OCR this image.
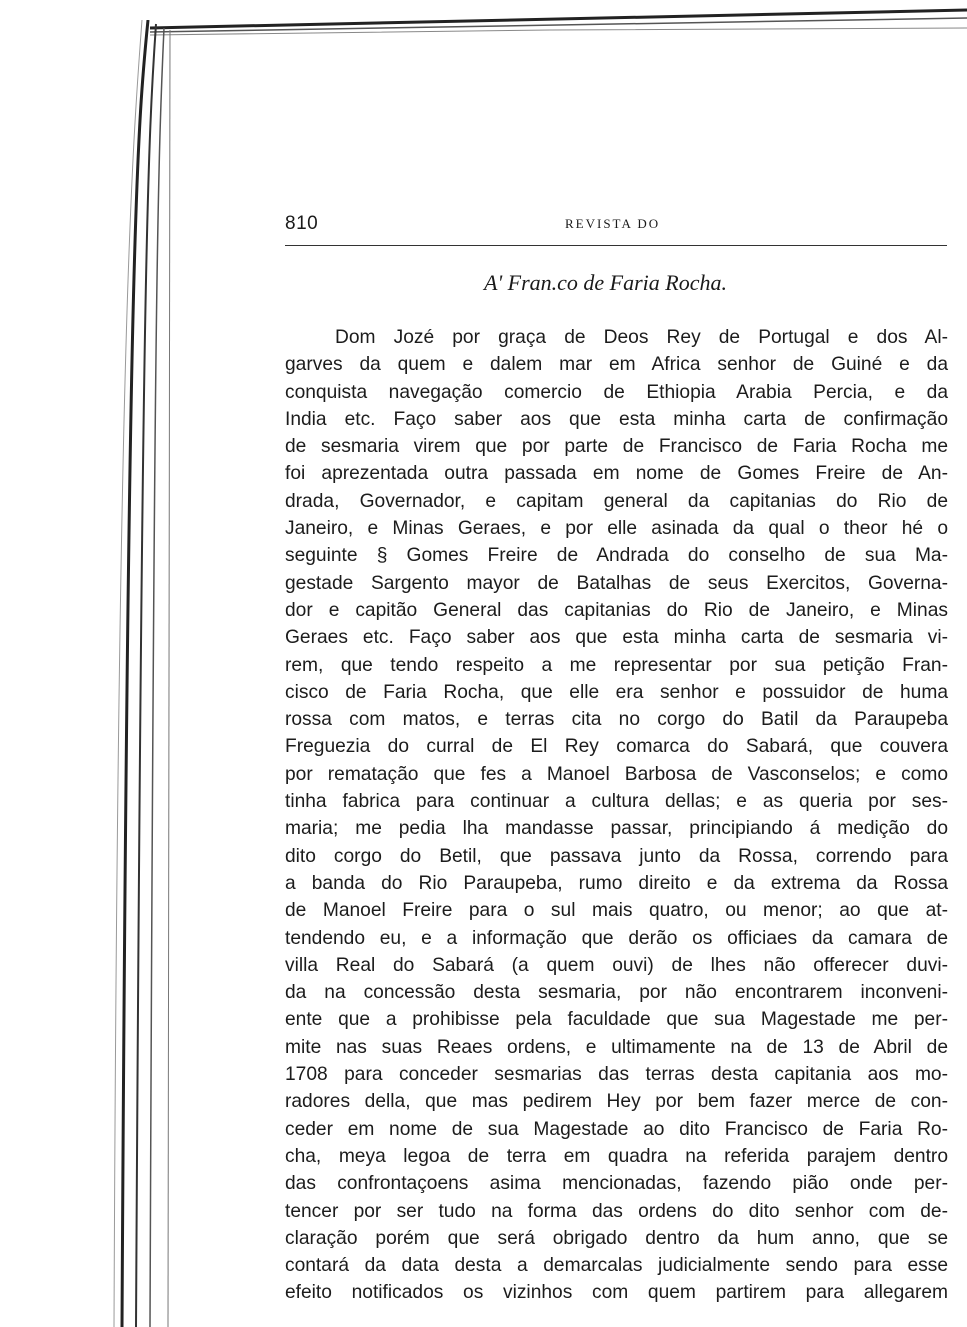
810	REVISTA DO
A' Fran.co de Faria Rocha.
Dom Jozé por graça de Deos Rey de Portugal e dos Al-
garves da quem e dalem mar em Africa senhor de Guiné e da
conquista navegação comercio de Ethiopia Arabia Percia, e da
India etc. Faço saber aos que esta minha carta de confirmação
de sesmaria virem que por parte de Francisco de Faria Rocha me
foi aprezentada outra passada em nome de Gomes Freire de An-
drada, Governador, e capitam general da capitanias do Rio de
Janeiro, e Minas Geraes, e por elle asinada da qual o theor hé o
seguinte § Gomes Freire de Andrada do conselho de sua Ma-
gestade Sargento mayor de Batalhas de seus Exercitos, Governa-
dor e capitão General das capitanias do Rio de Janeiro, e Minas
Geraes etc. Faço saber aos que esta minha carta de sesmaria vi-
rem, que tendo respeito a me representar por sua petição Fran-
cisco de Faria Rocha, que elle era senhor e possuidor de huma
rossa com matos, e terras cita no corgo do Batil da Paraupeba
Freguezia do curral de El Rey comarca do Sabará, que couvera
por rematação que fes a Manoel Barbosa de Vasconselos; e como
tinha fabrica para continuar a cultura dellas; e as queria por ses-
maria; me pedia lha mandasse passar, principiando á medição do
dito corgo do Betil, que passava junto da Rossa, correndo para
a banda do Rio Paraupeba, rumo direito e da extrema da Rossa
de Manoel Freire para o sul mais quatro, ou menor; ao que at-
tendendo eu, e a informação que derão os officiaes da camara de
villa Real do Sabará (a quem ouvi) de lhes não offerecer duvi-
da na concessão desta sesmaria, por não encontrarem inconveni-
ente que a prohibisse pela faculdade que sua Magestade me per-
mite nas suas Reaes ordens, e ultimamente na de 13 de Abril de
1708 para conceder sesmarias das terras desta capitania aos mo-
radores della, que mas pedirem Hey por bem fazer merce de con-
ceder em nome de sua Magestade ao dito Francisco de Faria Ro-
cha, meya legoa de terra em quadra na referida parajem dentro
das confrontaçoens asima mencionadas, fazendo pião onde per-
tencer por ser tudo na forma das ordens do dito senhor com de-
claração porém que será obrigado dentro da hum anno, que se
contará da data desta a demarcalas judicialmente sendo para esse
efeito notificados os vizinhos com quem partirem para allegarem
